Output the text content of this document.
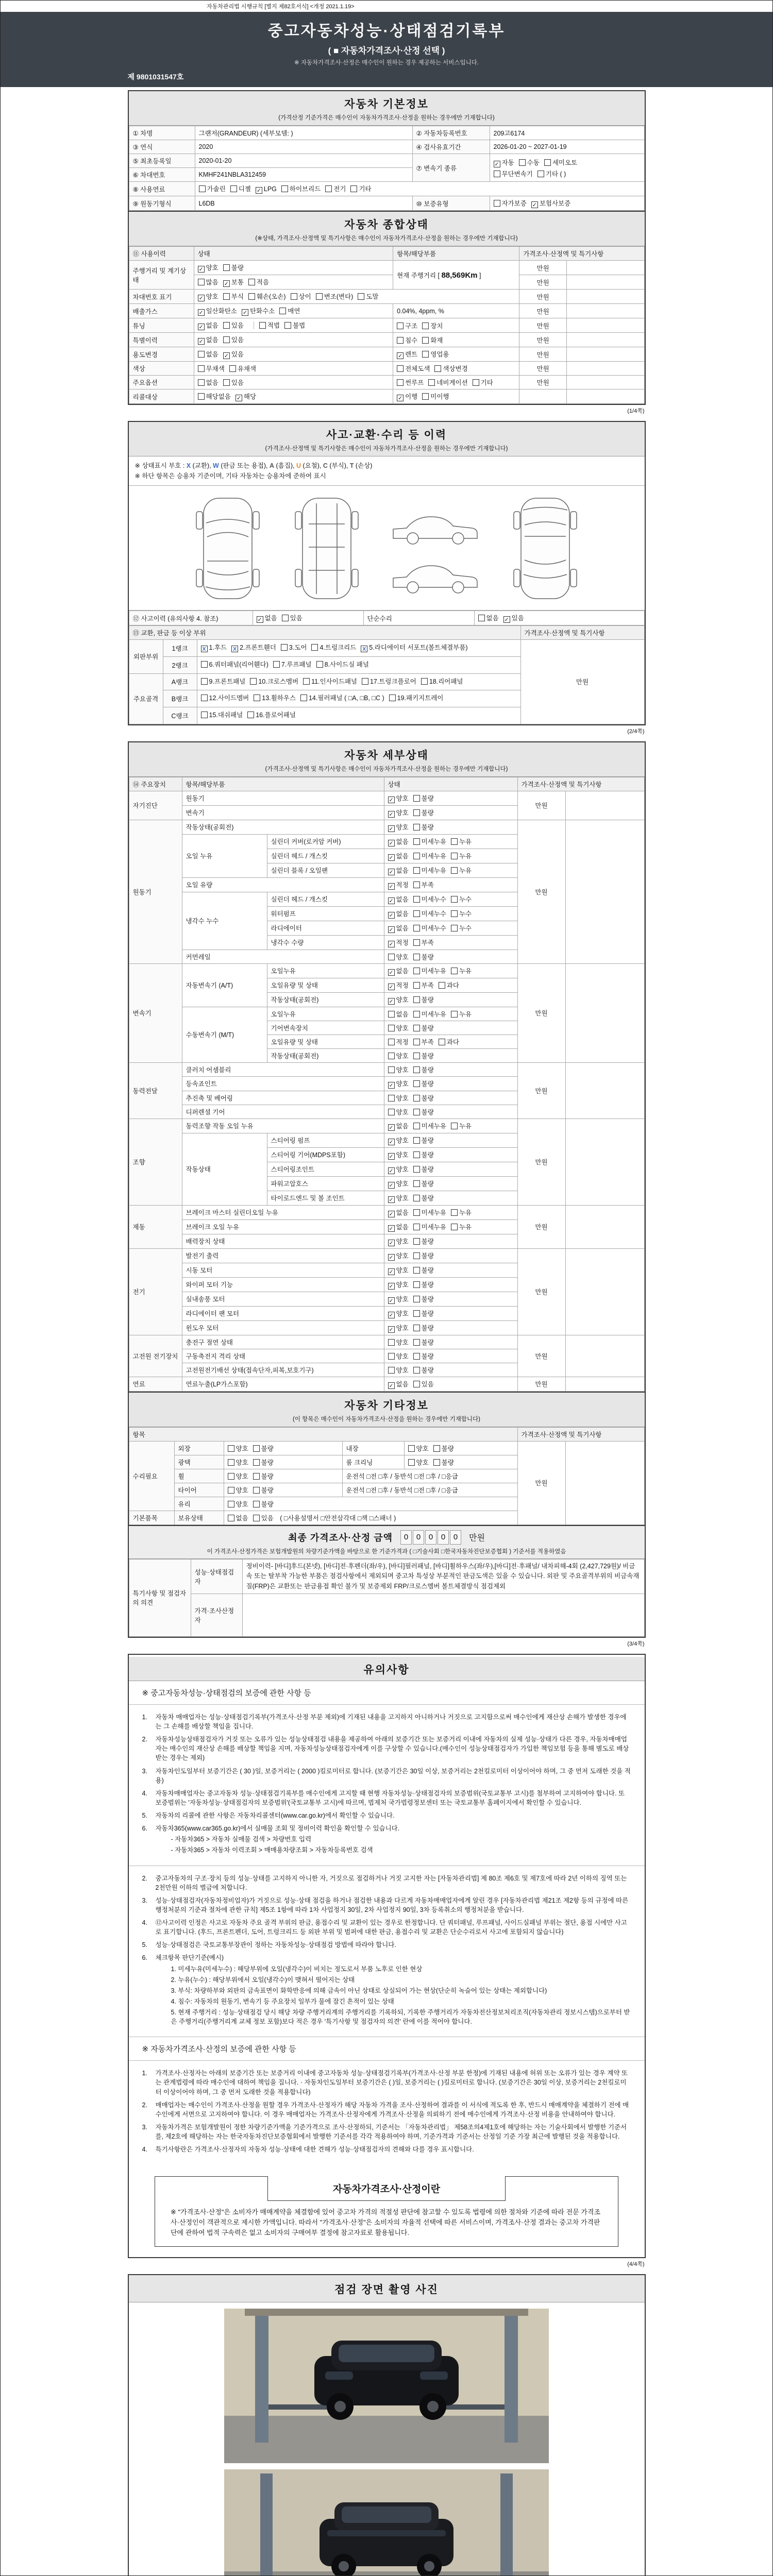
자동차관리법 시행규칙 [별지 제82호서식] <개정 2021.1.19>
중고자동차성능·상태점검기록부
( ■ 자동차가격조사·산정 선택 )
※ 자동차가격조사·산정은 매수인이 원하는 경우 제공하는 서비스입니다.
제 9801031547호
자동차 기본정보
(가격산정 기준가격은 매수인이 자동차가격조사·산정을 원하는 경우에만 기재합니다)
① 차명	그랜저(GRANDEUR) (세부모델: )	② 자동차등록번호	209고6174
③ 연식	2020	④ 검사유효기간	2026-01-20 ~ 2027-01-19
⑤ 최초등록일	2020-01-20	⑦ 변속기 종류	✓ 자동 수동 세미오토
무단변속기 기타 ( )

⑥ 차대번호	KMHF241NBLA312459		
⑧ 사용연료	가솔린 디젤 ✓ LPG 하이브리드 전기 기타		
⑨ 원동기형식	L6DB	⑩ 보증유형	자가보증 ✓ 보험사보증
자동차 종합상태
(※상태, 가격조사·산정액 및 특기사항은 매수인이 자동차가격조사·산정을 원하는 경우에만 기재합니다)
⑪ 사용이력	상태	항목/해당부품	가격조사·산정액 및 특기사항	
주행거리 및 계기상태	✓ 양호 불량	현재 주행거리 [ 88,569Km ]	만원	
	많음 ✓ 보통 적음		만원	
차대번호 표기	✓ 양호 부식 훼손(오손) 상이 변조(변타) 도말		만원	
배출가스	✓ 일산화탄소 ✓ 탄화수소 매연	0.04%, 4ppm, %	만원	
튜닝	✓ 없음 있음 적법 불법	구조 장치	만원	
특별이력	✓ 없음 있음	침수 화재	만원	
용도변경	없음 ✓ 있음	✓ 렌트 영업용	만원	
색상	무채색 유채색	전체도색 색상변경	만원	
주요옵션	없음 있음	썬루프 네비게이션 기타	만원	
리콜대상	해당없음 ✓ 해당	✓ 이행 미이행		
(1/4쪽)
사고·교환·수리 등 이력
(가격조사·산정액 및 특기사항은 매수인이 자동차가격조사·산정을 원하는 경우에만 기재합니다)
※ 상태표시 부호 : X (교환), W (판금 또는 용접), A (흠집), U (요철), C (부식), T (손상)
※ 하단 항목은 승용차 기준이며, 기타 자동차는 승용차에 준하여 표시
⑫ 사고이력 (유의사항 4. 참조)	✓ 없음 있음	단순수리	없음 ✓ 있음
⑬ 교환, 판금 등 이상 부위			가격조사·산정액 및 특기사항
외판부위	1랭크	X 1.후드 X 2.프론트휀더 3.도어 4.트렁크리드 X 5.라디에이터 서포트(볼트체결부품)	만원
	2랭크	6.쿼터패널(리어휀다) 7.루프패널 8.사이드실 패널	
주요골격	A랭크	9.프론트패널 10.크로스멤버 11.인사이드패널 17.트렁크플로어 18.리어패널	
	B랭크	12.사이드멤버 13.휠하우스 14.필러패널 ( □A, □B, □C ) 19.패키지트레이	
	C랭크	15.대쉬패널 16.플로어패널	
(2/4쪽)
자동차 세부상태
(가격조사·산정액 및 특기사항은 매수인이 자동차가격조사·산정을 원하는 경우에만 기재합니다)
⑭ 주요장치	항목/해당부품		상태	가격조사·산정액 및 특기사항	
자기진단	원동기		✓ 양호 불량	만원	
	변속기		✓ 양호 불량		
원동기	작동상태(공회전)		✓ 양호 불량	만원	
	오일 누유	실린더 커버(로커암 커버)	✓ 없음 미세누유 누유		
		실린더 헤드 / 개스킷	✓ 없음 미세누유 누유		
		실린더 블록 / 오일팬	✓ 없음 미세누유 누유		
	오일 유량		✓ 적정 부족		
	냉각수 누수	실린더 헤드 / 개스킷	✓ 없음 미세누수 누수		
		워터펌프	✓ 없음 미세누수 누수		
		라디에이터	✓ 없음 미세누수 누수		
		냉각수 수량	✓ 적정 부족		
	커먼레일		양호 불량		
변속기	자동변속기 (A/T)	오일누유	✓ 없음 미세누유 누유	만원	
		오일유량 및 상태	✓ 적정 부족 과다		
		작동상태(공회전)	✓ 양호 불량		
	수동변속기 (M/T)	오일누유	없음 미세누유 누유		
		기어변속장치	양호 불량		
		오일유량 및 상태	적정 부족 과다		
		작동상태(공회전)	양호 불량		
동력전달	클러치 어셈블리		양호 불량	만원	
	등속죠인트		✓ 양호 불량		
	추진축 및 베어링		양호 불량		
	디퍼렌셜 기어		양호 불량		
조향	동력조향 작동 오일 누유		✓ 없음 미세누유 누유	만원	
	작동상태	스티어링 펌프	✓ 양호 불량		
		스티어링 기어(MDPS포함)	✓ 양호 불량		
		스티어링조인트	✓ 양호 불량		
		파워고압호스	✓ 양호 불량		
		타이로드엔드 및 볼 조인트	✓ 양호 불량		
제동	브레이크 마스터 실린더오일 누유		✓ 없음 미세누유 누유	만원	
	브레이크 오일 누유		✓ 없음 미세누유 누유		
	배력장치 상태		✓ 양호 불량		
전기	발전기 출력		✓ 양호 불량	만원	
	시동 모터		✓ 양호 불량		
	와이퍼 모터 기능		✓ 양호 불량		
	실내송풍 모터		✓ 양호 불량		
	라디에이터 팬 모터		✓ 양호 불량		
	윈도우 모터		✓ 양호 불량		
고전원 전기장치	충전구 절연 상태		양호 불량	만원	
	구동축전지 격리 상태		양호 불량		
	고전원전기배선 상태(접속단자,피복,보호기구)		양호 불량		
연료	연료누출(LP가스포함)		✓ 없음 있음	만원	
자동차 기타정보
(이 항목은 매수인이 자동차가격조사·산정을 원하는 경우에만 기재합니다)
항목					가격조사·산정액 및 특기사항	
수리필요	외장	양호 불량	내장	양호 불량	만원	
	광택	양호 불량	룸 크리닝	양호 불량		
	휠	양호 불량	운전석 □전 □후 / 동반석 □전 □후 / □응급			
	타이어	양호 불량	운전석 □전 □후 / 동반석 □전 □후 / □응급			
	유리	양호 불량				
기본품목	보유상태	없음 있음 ( □사용설명서 □안전삼각대 □잭 □스패너 )				
최종 가격조사·산정 금액	0 0 0 0 0	만원
이 가격조사·산정가격은 보험개발원의 차량기준가액을 바탕으로 한 기준가격과 ( □기술사회 □한국자동차진단보증협회 ) 기준서를 적용하였음
특기사항 및 점검자의 의견	성능·상태점검자	정비이력- [바디]후드(본넷), [바디]전·후펜더(좌/우), [바디]필러패널, [바디]휠하우스(좌/우),[바디]전·후패널/ 내차피해-4회 (2,427,729원)/ 비금속 또는 탈부착 가능한 부품은 점검사항에서 제외되며 중고차 특성상 부분적인 판금도색은 있을 수 있습니다. 외판 및 주요골격부위의 비금속재질(FRP)은 교환또는 판금용접 확인 불가 및 보증제외 FRP/크로스멤버 볼트체결방식 점검제외
	가격·조사산정자	
(3/4쪽)
유의사항
※ 중고자동차성능·상태점검의 보증에 관한 사항 등
1.	자동차 매매업자는 성능·상태점검기록부(가격조사·산정 부분 제외)에 기재된 내용을 고지하지 아니하거나 거짓으로 고지함으로써 매수인에게 재산상 손해가 발생한 경우에는 그 손해를 배상할 책임을 집니다.
2.	자동차성능상태점검자가 거짓 또는 오류가 있는 성능상태점검 내용을 제공하여 아래의 보증기간 또는 보증거리 이내에 자동차의 실제 성능·상태가 다른 경우, 자동차매매업자는 매수인의 재산상 손해를 배상할 책임을 지며, 자동차성능상태점검자에게 이를 구상할 수 있습니다.(매수인이 성능상태점검자가 가입한 책임보험 등을 통해 별도로 배상받는 경우는 제외)
3.	자동차인도일부터 보증기간은 ( 30 )일, 보증거리는 ( 2000 )킬로미터로 합니다. (보증기간은 30일 이상, 보증거리는 2천킬로미터 이상이어야 하며, 그 중 먼저 도래한 것을 적용)
4.	자동차매매업자는 중고자동차 성능·상태점검기록부를 매수인에게 고지할 때 현행 자동차성능·상태점검자의 보증범위(국토교통부 고시)를 첨부하여 고지하여야 합니다. 또 보증범위는 '자동차성능·상태점검자의 보증범위'(국토교통부 고시)에 따르며, 법제처 국가법령정보센터 또는 국토교통부 홈페이지에서 확인할 수 있습니다.
5.	자동차의 리콜에 관한 사항은 자동차리콜센터(www.car.go.kr)에서 확인할 수 있습니다.
6.	자동차365(www.car365.go.kr)에서 실매물 조회 및 정비이력 확인을 확인할 수 있습니다.
- 자동차365 > 자동차 실매물 검색 > 차량번호 입력
- 자동차365 > 자동차 이력조회 > 매매용차량조회 > 자동차등록번호 검색
2.	중고자동차의 구조·장치 등의 성능·상태를 고지하지 아니한 자, 거짓으로 점검하거나 거짓 고지한 자는 [자동차관리법] 제 80조 제6호 및 제7호에 따라 2년 이하의 징역 또는 2천만원 이하의 벌금에 처합니다.
3.	성능·상태점검자(자동차정비업자)가 거짓으로 성능·상태 점검을 하거나 점검한 내용과 다르게 자동차매매업자에게 알린 경우 [자동차관리법 제21조 제2항 등의 규정에 따른 행정처분의 기준과 절차에 관한 규칙] 제5조 1항에 따라 1차 사업정지 30일, 2차 사업정지 90일, 3차 등록취소의 행정처분을 받습니다.
4.	⑫사고이력 인정은 사고로 자동차 주요 골격 부위의 판금, 용접수리 및 교환이 있는 경우로 한정합니다. 단 쿼터패널, 루프패널, 사이드실패널 부위는 절단, 용접 시에만 사고로 표기합니다. (후드, 프론트펜더, 도어, 트렁크리드 등 외판 부위 및 범퍼에 대한 판금, 용접수리 및 교환은 단순수리로서 사고에 포함되지 않습니다)
5.	성능·상태점검은 국토교통부장관이 정하는 자동차성능·상태점검 방법에 따라야 합니다.
6.	체크항목 판단기준(예시)
1. 미세누유(미세누수) : 해당부위에 오일(냉각수)이 비치는 정도로서 부품 노후로 인한 현상
2. 누유(누수) : 해당부위에서 오일(냉각수)이 맺혀서 떨어지는 상태
3. 부식: 차량하부와 외판의 금속표면이 화학반응에 의해 금속이 아닌 상태로 상실되어 가는 현상(단순히 녹슬어 있는 상태는 제외합니다)
4. 침수: 자동차의 원동기, 변속기 등 주요장치 일부가 물에 잠긴 흔적이 있는 상태
5. 현재 주행거리 : 성능·상태점검 당시 해당 차량 주행거리계의 주행거리를 기록하되, 기록한 주행거리가 자동차전산정보처리조직(자동차관리 정보시스템)으로부터 받은 주행거리(주행거리계 교체 정보 포함)보다 적은 경우 '특기사항 및 점검자의 의견' 란에 이를 적어야 합니다.
※ 자동차가격조사·산정의 보증에 관한 사항 등
1.	가격조사·산정자는 아래의 보증기간 또는 보증거리 이내에 중고자동차 성능·상태점검기록부(가격조사·산정 부분 한정)에 기재된 내용에 허위 또는 오류가 있는 경우 계약 또는 관계법령에 따라 매수인에 대하여 책임을 집니다. · 자동차인도일부터 보증기간은 ( )일, 보증거리는 ( )킬로미터로 합니다. (보증기간은 30일 이상, 보증거리는 2천킬로미터 이상이어야 하며, 그 중 먼저 도래한 것을 적용합니다)
2.	매매업자는 매수인이 가격조사·산정을 원할 경우 가격조사·산정자가 해당 자동차 가격을 조사·산정하여 결과를 이 서식에 적도록 한 후, 반드시 매매계약을 체결하기 전에 매수인에게 서면으로 고지하여야 합니다. 이 경우 매매업자는 가격조사·산정자에게 가격조사·산정을 의뢰하기 전에 매수인에게 가격조사·산정 비용을 안내하여야 합니다.
3.	자동차가격은 보험개발원이 정한 차량기준가액을 기준가격으로 조사·산정하되, 기준서는 「자동차관리법」 제58조의4제1호에 해당하는 자는 기술사회에서 발행한 기준서를, 제2호에 해당하는 자는 한국자동차진단보증협회에서 발행한 기준서를 각각 적용하여야 하며, 기준가격과 기준서는 산정일 기준 가장 최근에 발행된 것을 적용합니다.
4.	특기사항란은 가격조사·산정자의 자동차 성능·상태에 대한 견해가 성능·상태점검자의 견해와 다를 경우 표시합니다.
자동차가격조사·산정이란
※ "가격조사·산정"은 소비자가 매매계약을 체결함에 있어 중고차 가격의 적절성 판단에 참고할 수 있도록 법령에 의한 절차와 기준에 따라 전문 가격조사·산정인이 객관적으로 제시한 가액입니다. 따라서 "가격조사·산정"은 소비자의 자율적 선택에 따른 서비스이며, 가격조사·산정 결과는 중고차 가격판단에 관하여 법적 구속력은 없고 소비자의 구매여부 결정에 참고자료로 활용됩니다.
(4/4쪽)
점검 장면 촬영 사진
